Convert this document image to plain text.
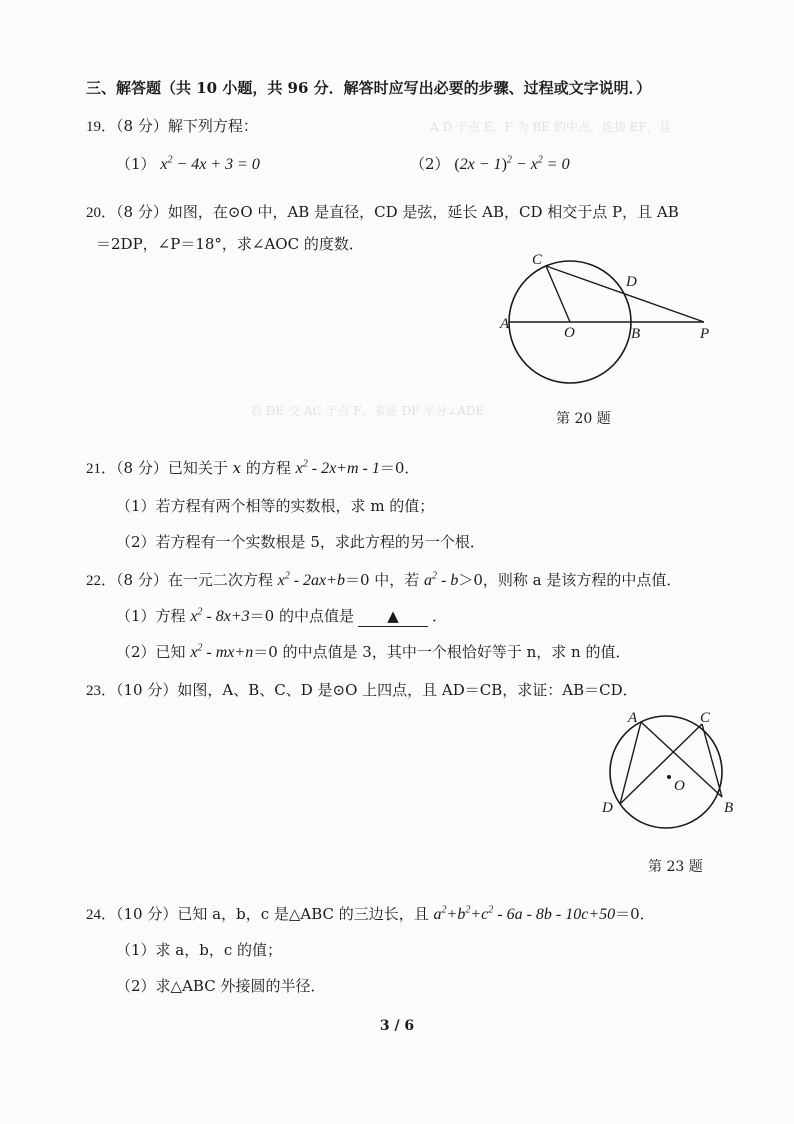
A D 于点 E，F 为 BE 的中点，连接 EF，且
若 DE 交 AC 于点 F，求证 DF 平分∠ADE
三、解答题（共 10 小题，共 96 分．解答时应写出必要的步骤、过程或文字说明．）
19．（8 分）解下列方程：
（1） $x^2 - 4x + 3 = 0$	（2） $(2x - 1)^2 - x^2 = 0$
20．（8 分）如图，在⊙O 中，AB 是直径，CD 是弦，延长 AB，CD 相交于点 P，且 AB
＝2DP，∠P＝18°，求∠AOC 的度数．
C
D
A
O	B	P
第 20 题
21．（8 分）已知关于 x 的方程 $x^2 - 2x+m - 1=0$．
（1）若方程有两个相等的实数根，求 m 的值；
（2）若方程有一个实数根是 5，求此方程的另一个根．
22．（8 分）在一元二次方程 $x^2 - 2ax+b=0$ 中，若 $a^2 - b>0$，则称 a 是该方程的中点值．
（1）方程 $x^2 - 8x+3=0$ 的中点值是 ▲ ．
（2）已知 $x^2 - mx+n=0$ 的中点值是 3，其中一个根恰好等于 n，求 n 的值．
23．（10 分）如图，A、B、C、D 是⊙O 上四点，且 AD＝CB，求证：AB＝CD．
A	C
O
D	B
第 23 题
24．（10 分）已知 a，b，c 是△ABC 的三边长，且 $a^2+b^2+c^2 - 6a - 8b - 10c+50=0$．
（1）求 a，b，c 的值；
（2）求△ABC 外接圆的半径．
3 / 6
